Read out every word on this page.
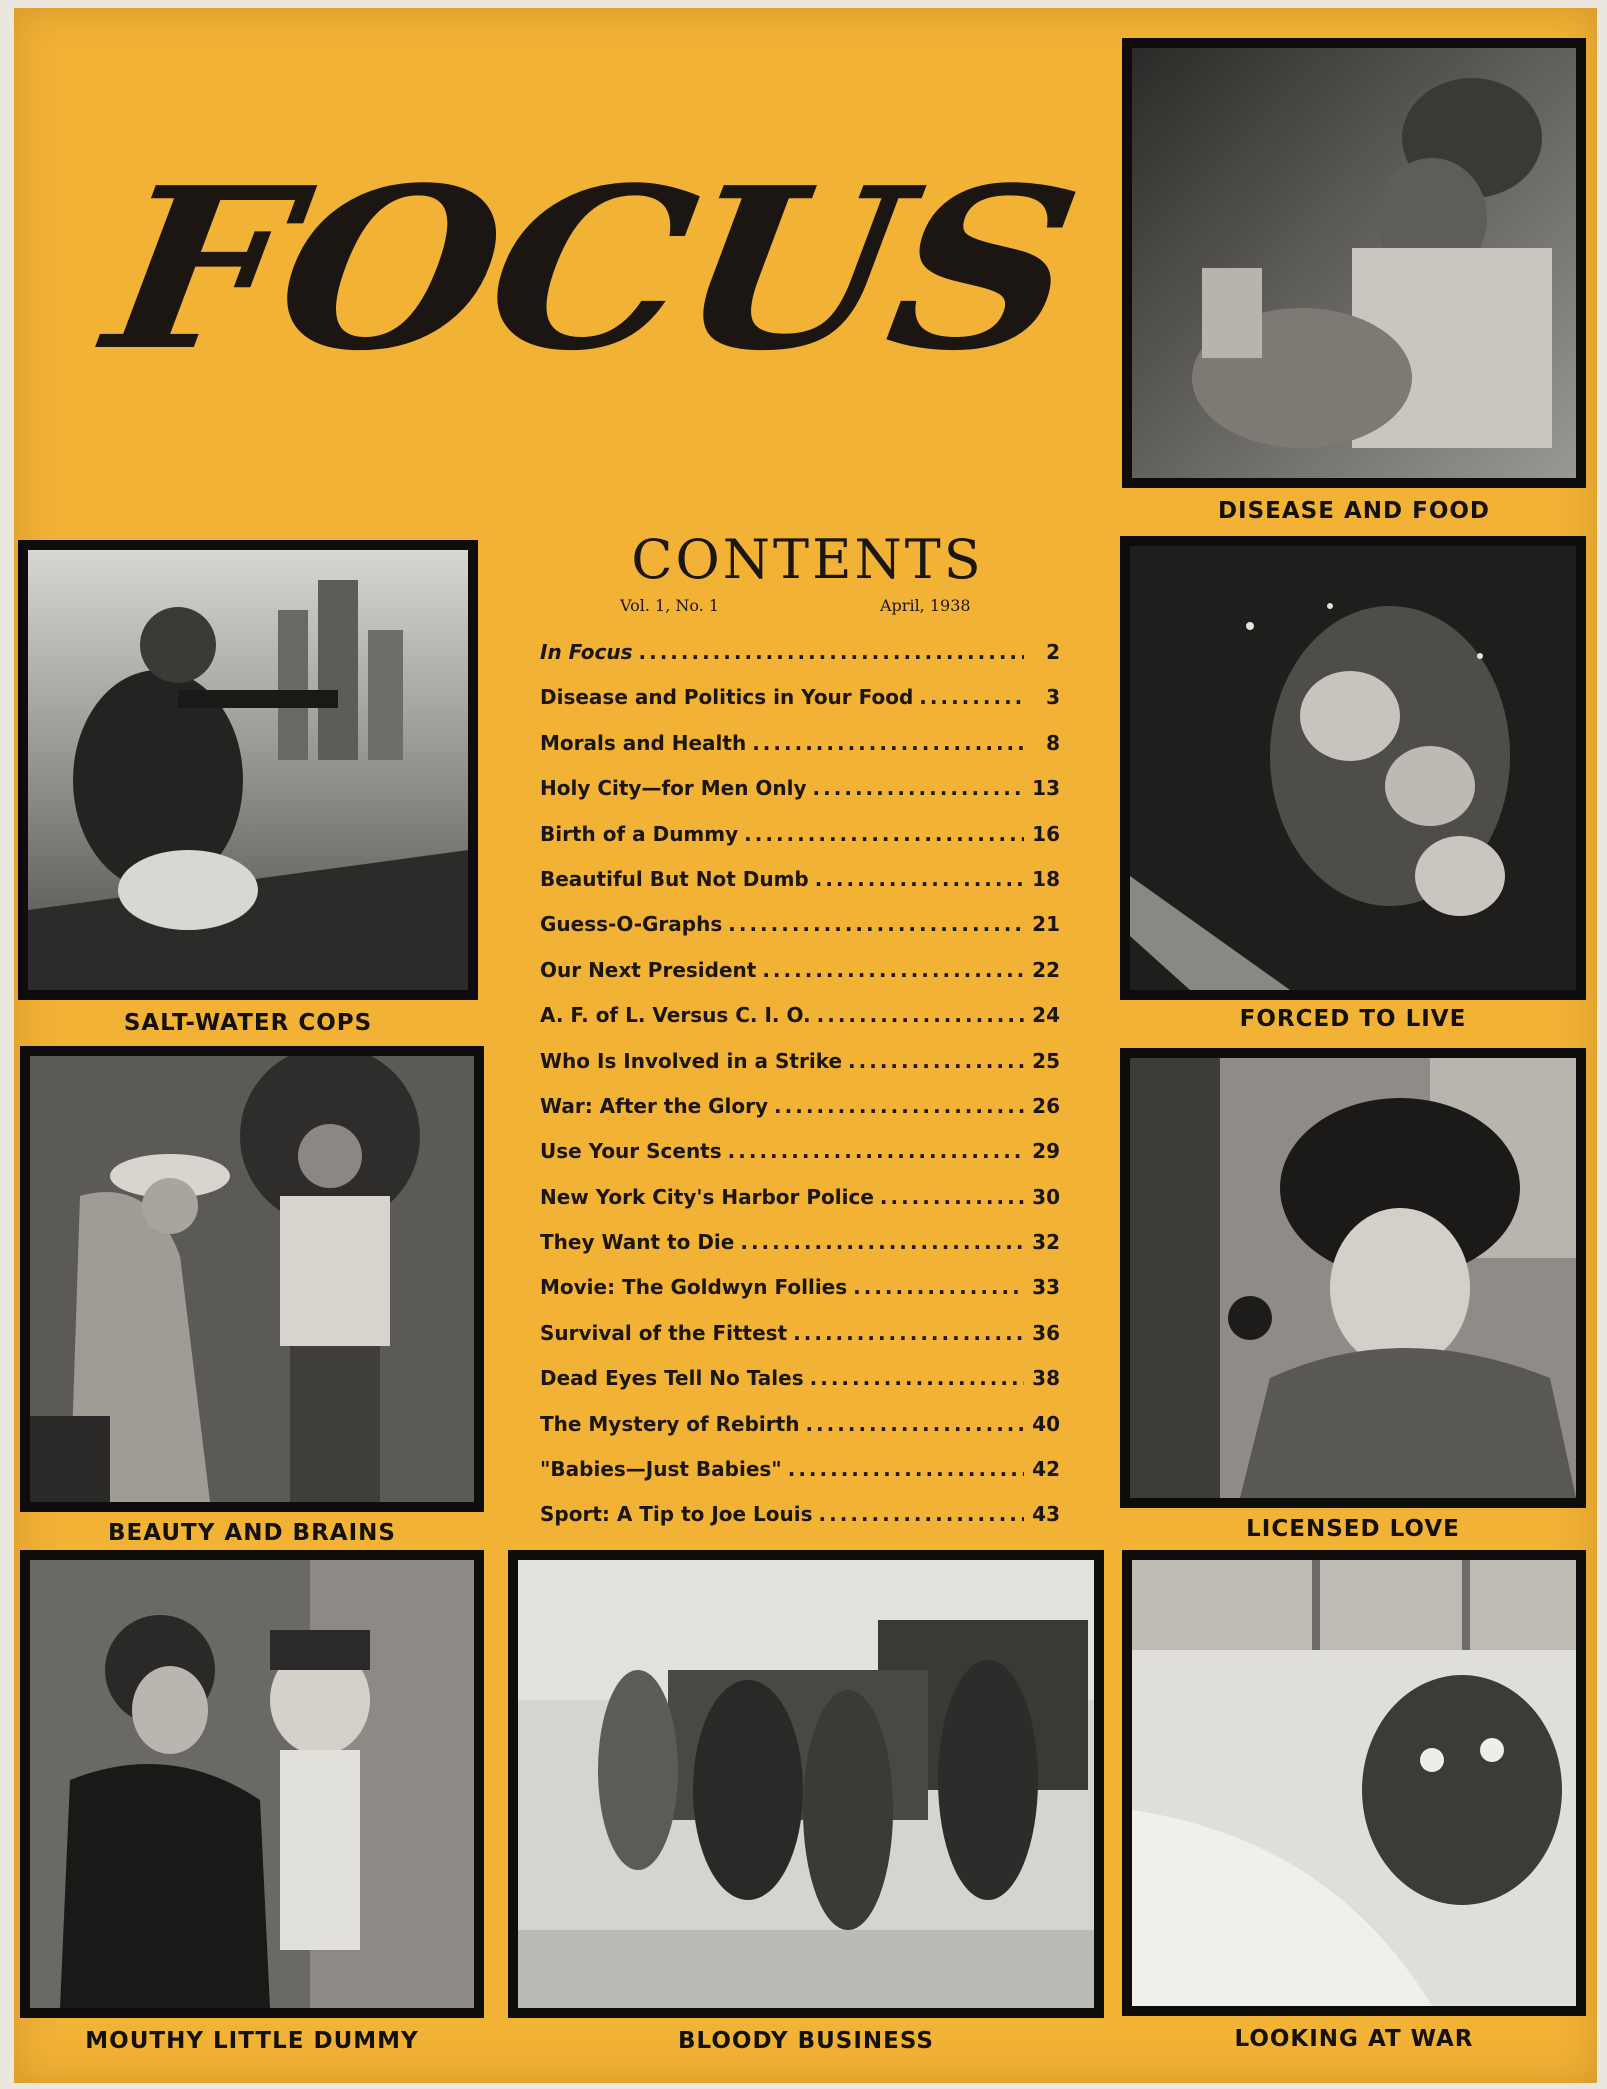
FOCUS
DISEASE AND FOOD
SALT-WATER COPS	FORCED TO LIVE
BEAUTY AND BRAINS	LICENSED LOVE
MOUTHY LITTLE DUMMY	BLOODY BUSINESS	LOOKING AT WAR
CONTENTS
Vol. 1, No. 1	April, 1938
In Focus .....	2
Disease and Politics in Your Food .....	3
Morals and Health .....	8
Holy City—for Men Only .....	13
Birth of a Dummy .....	16
Beautiful But Not Dumb .....	18
Guess-O-Graphs .....	21
Our Next President .....	22
A. F. of L. Versus C. I. O. .....	24
Who Is Involved in a Strike .....	25
War: After the Glory .....	26
Use Your Scents .....	29
New York City's Harbor Police .....	30
They Want to Die .....	32
Movie: The Goldwyn Follies .....	33
Survival of the Fittest .....	36
Dead Eyes Tell No Tales .....	38
The Mystery of Rebirth .....	40
"Babies—Just Babies" .....	42
Sport: A Tip to Joe Louis .....	43
